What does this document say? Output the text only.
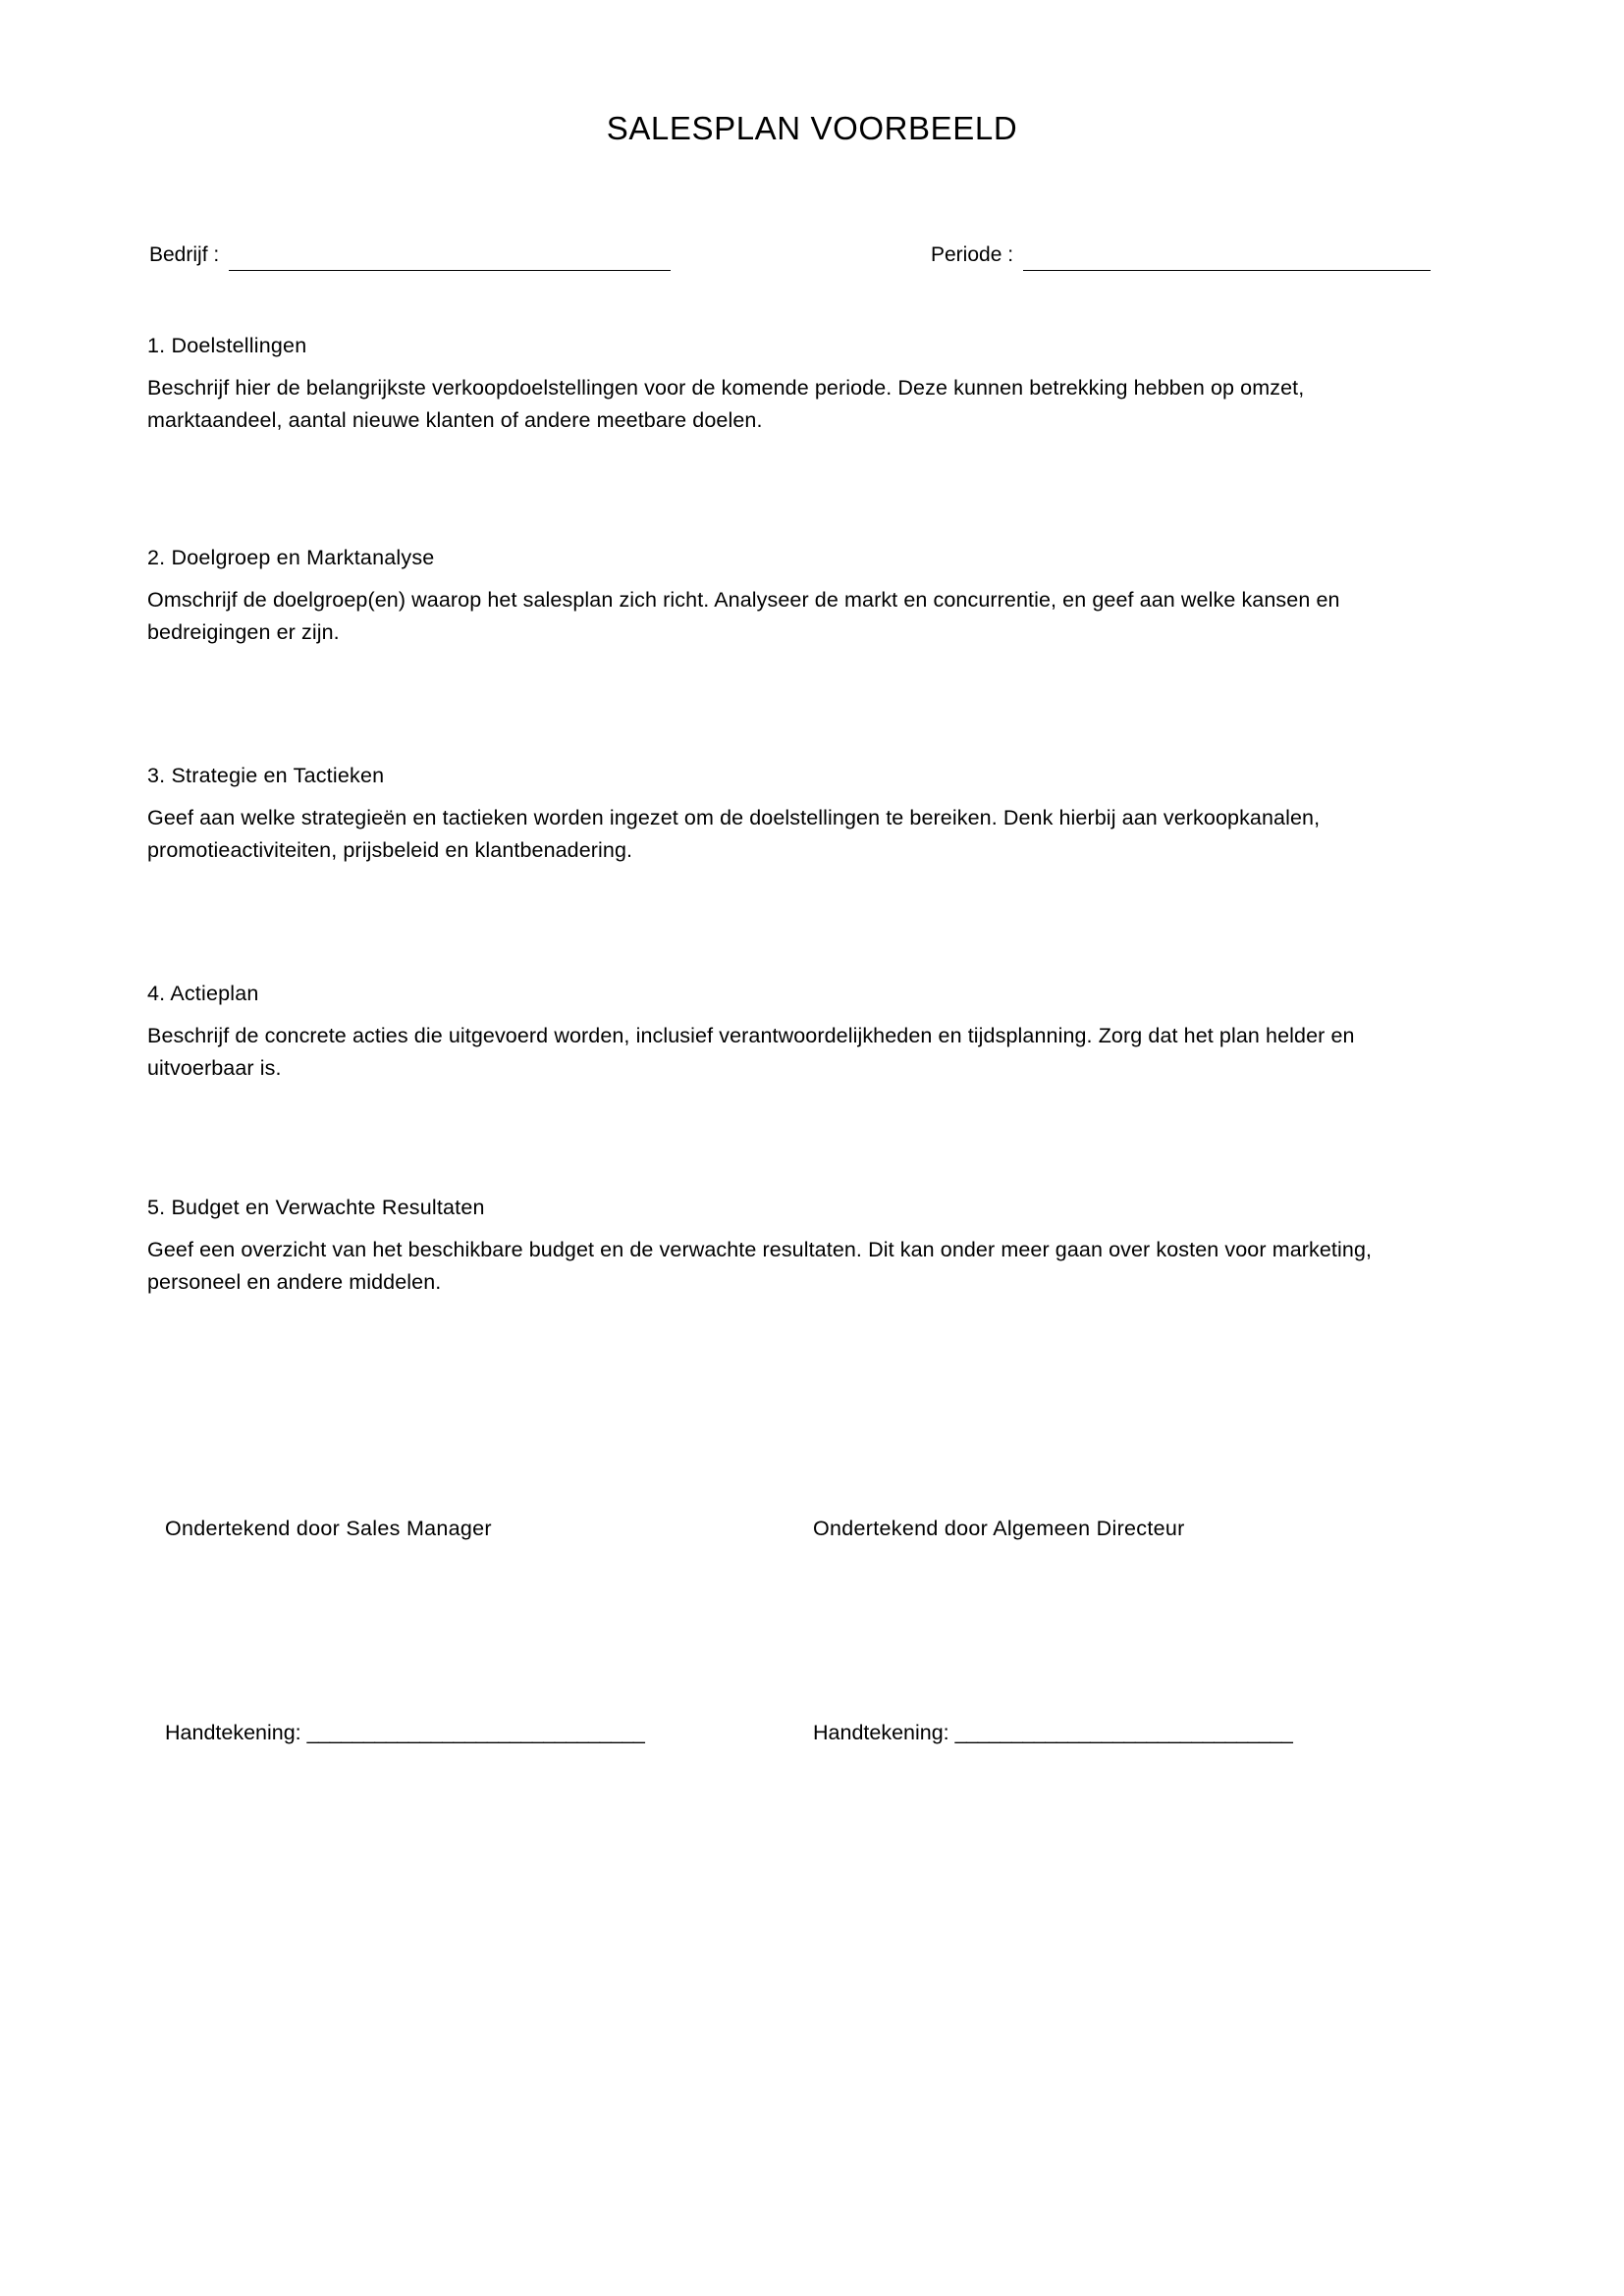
SALESPLAN VOORBEELD
Bedrijf :	Periode :

1. Doelstellingen

Beschrijf hier de belangrijkste verkoopdoelstellingen voor de komende periode. Deze kunnen betrekking hebben op omzet, marktaandeel, aantal nieuwe klanten of andere meetbare doelen.

2. Doelgroep en Marktanalyse

Omschrijf de doelgroep(en) waarop het salesplan zich richt. Analyseer de markt en concurrentie, en geef aan welke kansen en bedreigingen er zijn.

3. Strategie en Tactieken

Geef aan welke strategieën en tactieken worden ingezet om de doelstellingen te bereiken. Denk hierbij aan verkoopkanalen, promotieactiviteiten, prijsbeleid en klantbenadering.

4. Actieplan

Beschrijf de concrete acties die uitgevoerd worden, inclusief verantwoordelijkheden en tijdsplanning. Zorg dat het plan helder en uitvoerbaar is.

5. Budget en Verwachte Resultaten

Geef een overzicht van het beschikbare budget en de verwachte resultaten. Dit kan onder meer gaan over kosten voor marketing, personeel en andere middelen.

Ondertekend door Sales Manager	Ondertekend door Algemeen Directeur
Handtekening: ______________________________	Handtekening: ______________________________
